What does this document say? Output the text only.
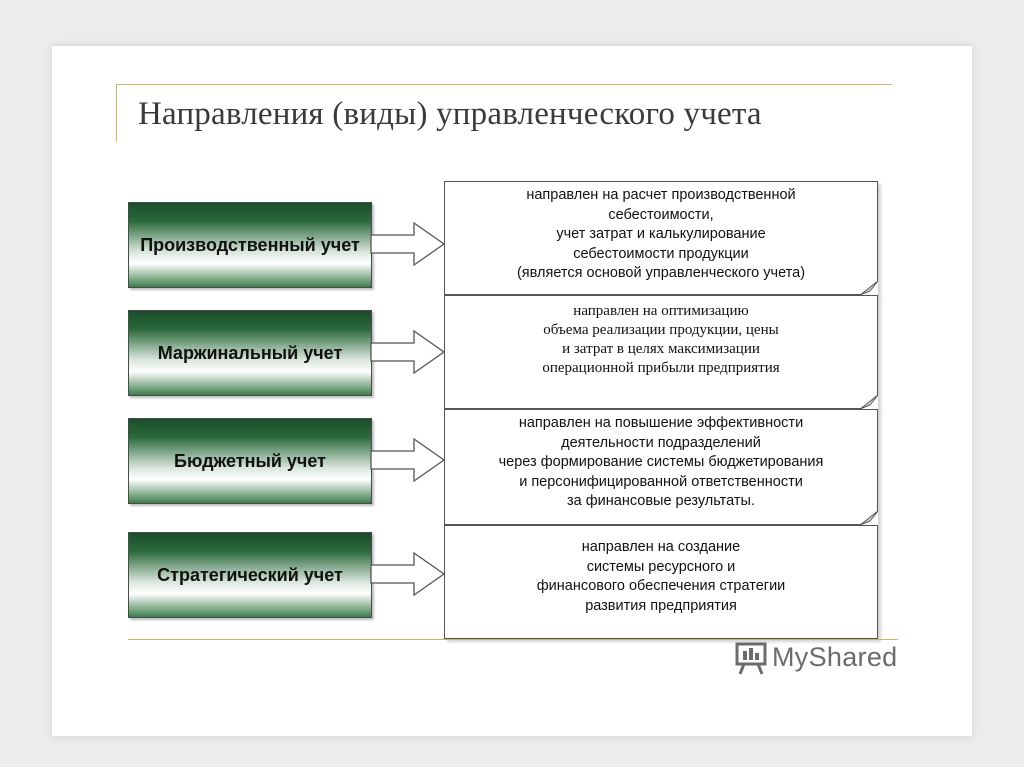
Направления (виды) управленческого учета
Производственный учет
направлен на расчет производственной
себестоимости,
учет затрат и калькулирование
себестоимости продукции
(является основой управленческого учета)
Маржинальный учет
направлен на оптимизацию
объема реализации продукции, цены
и затрат в целях максимизации
операционной прибыли предприятия
Бюджетный учет
направлен на повышение эффективности
деятельности подразделений
через формирование системы бюджетирования
и персонифицированной ответственности
за финансовые результаты.
Стратегический учет
направлен на создание
системы ресурсного и
финансового обеспечения стратегии
развития предприятия
MyShared
